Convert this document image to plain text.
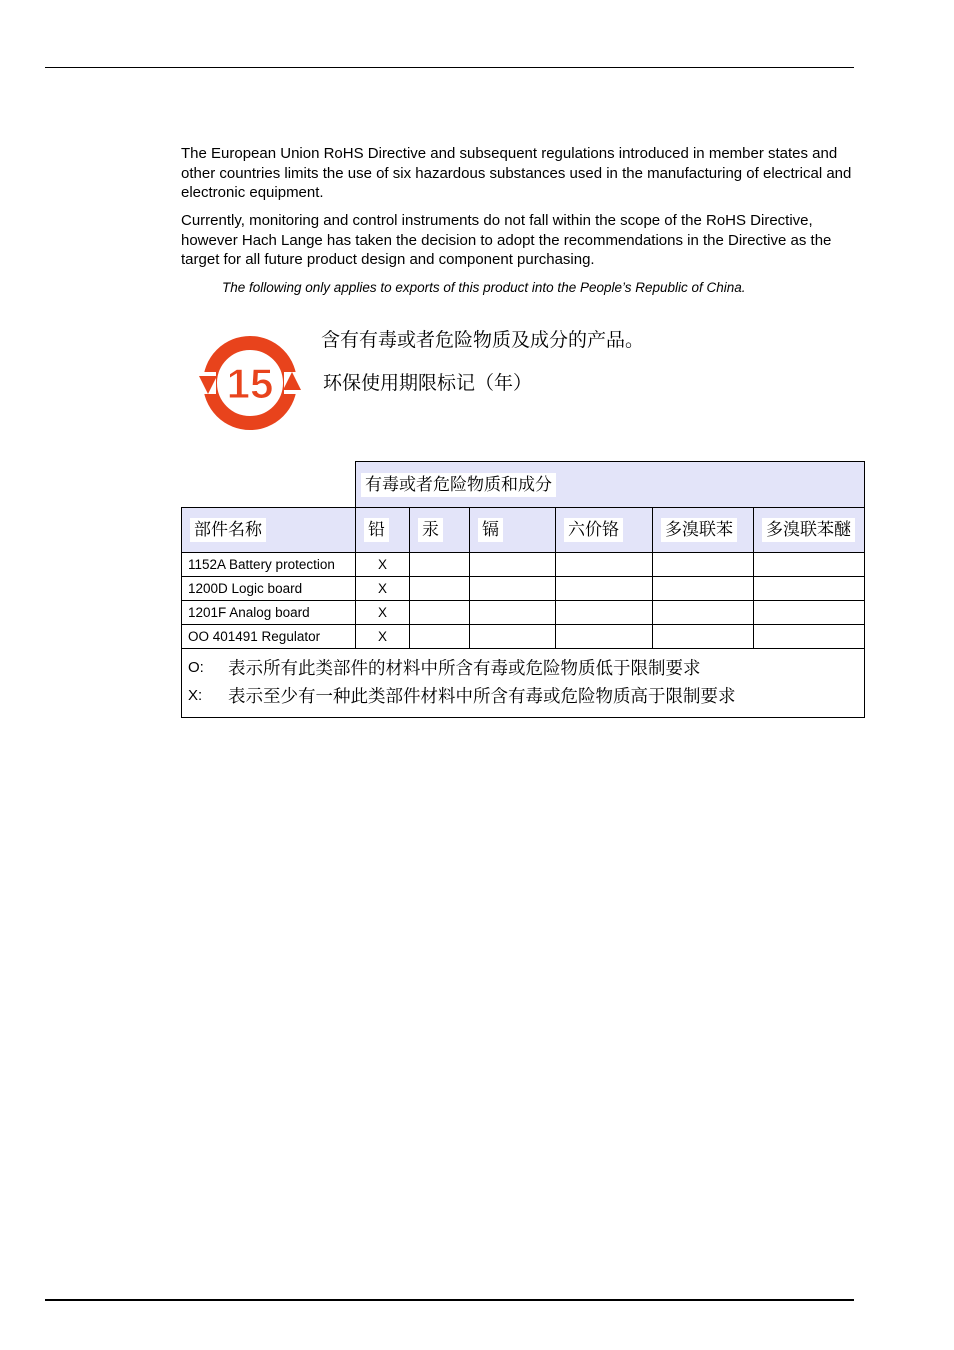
The European Union RoHS Directive and subsequent regulations introduced in member states and other countries limits the use of six hazardous substances used in the manufacturing of electrical and electronic equipment.

Currently, monitoring and control instruments do not fall within the scope of the RoHS Directive, however Hach Lange has taken the decision to adopt the recommendations in the Directive as the target for all future product design and component purchasing.

The following only applies to exports of this product into the People’s Republic of China.

15
含有有毒或者危险物质及成分的产品。
环保使用期限标记（年）
	有毒或者危险物质和成分					
部件名称	铅	汞	镉	六价铬	多溴联苯	多溴联苯醚
1152A Battery protection	X					
1200D Logic board	X					
1201F Analog board	X					
OO 401491 Regulator	X					

O: 表示所有此类部件的材料中所含有毒或危险物质低于限制要求
X: 表示至少有一种此类部件材料中所含有毒或危险物质高于限制要求						
